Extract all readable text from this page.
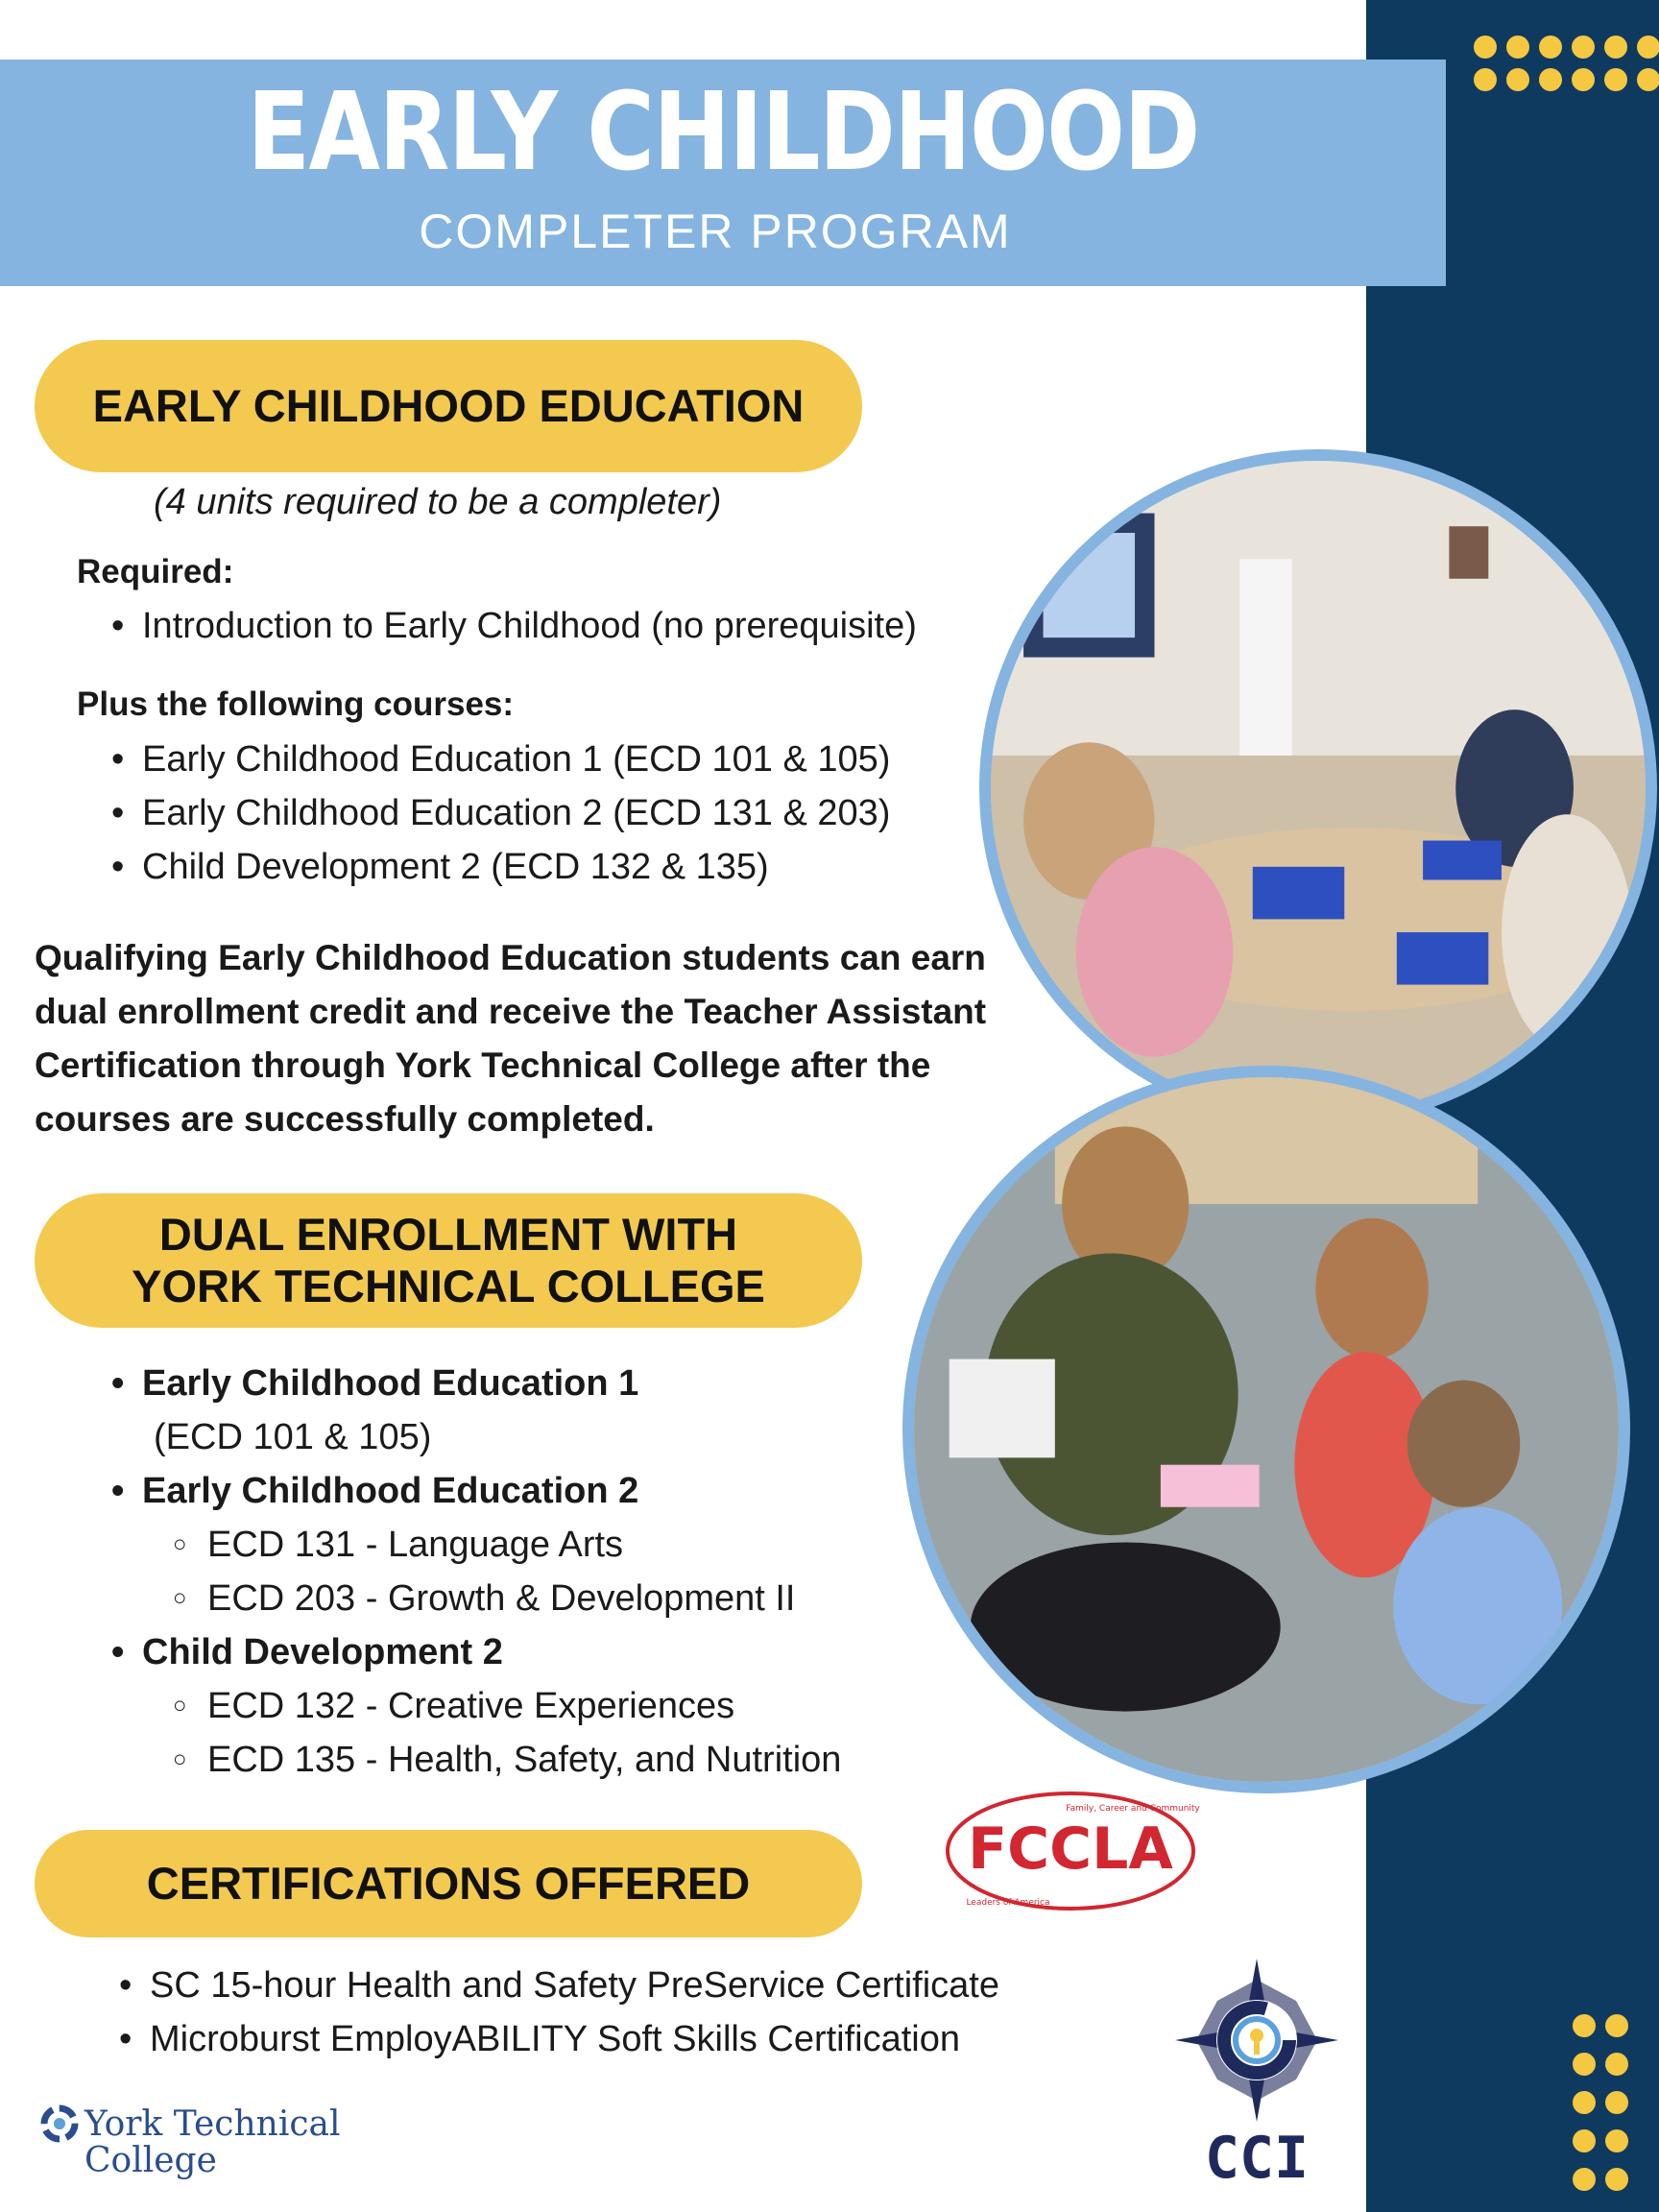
EARLY CHILDHOOD
COMPLETER PROGRAM
EARLY CHILDHOOD EDUCATION
(4 units required to be a completer)
Required:
• Introduction to Early Childhood (no prerequisite)
Plus the following courses:
• Early Childhood Education 1 (ECD 101 & 105)
• Early Childhood Education 2 (ECD 131 & 203)
• Child Development 2 (ECD 132 & 135)
Qualifying Early Childhood Education students can earn dual enrollment credit and receive the Teacher Assistant Certification through York Technical College after the courses are successfully completed.
DUAL ENROLLMENT WITH
YORK TECHNICAL COLLEGE
• Early Childhood Education 1
(ECD 101 & 105)
• Early Childhood Education 2
○ ECD 131 - Language Arts
○ ECD 203 - Growth & Development II
• Child Development 2
○ ECD 132 - Creative Experiences
○ ECD 135 - Health, Safety, and Nutrition
CERTIFICATIONS OFFERED
• SC 15-hour Health and Safety PreService Certificate
• Microburst EmployABILITY Soft Skills Certification
FCCLA
Family, Career and Community
Leaders of America
CCI
York Technical
College
